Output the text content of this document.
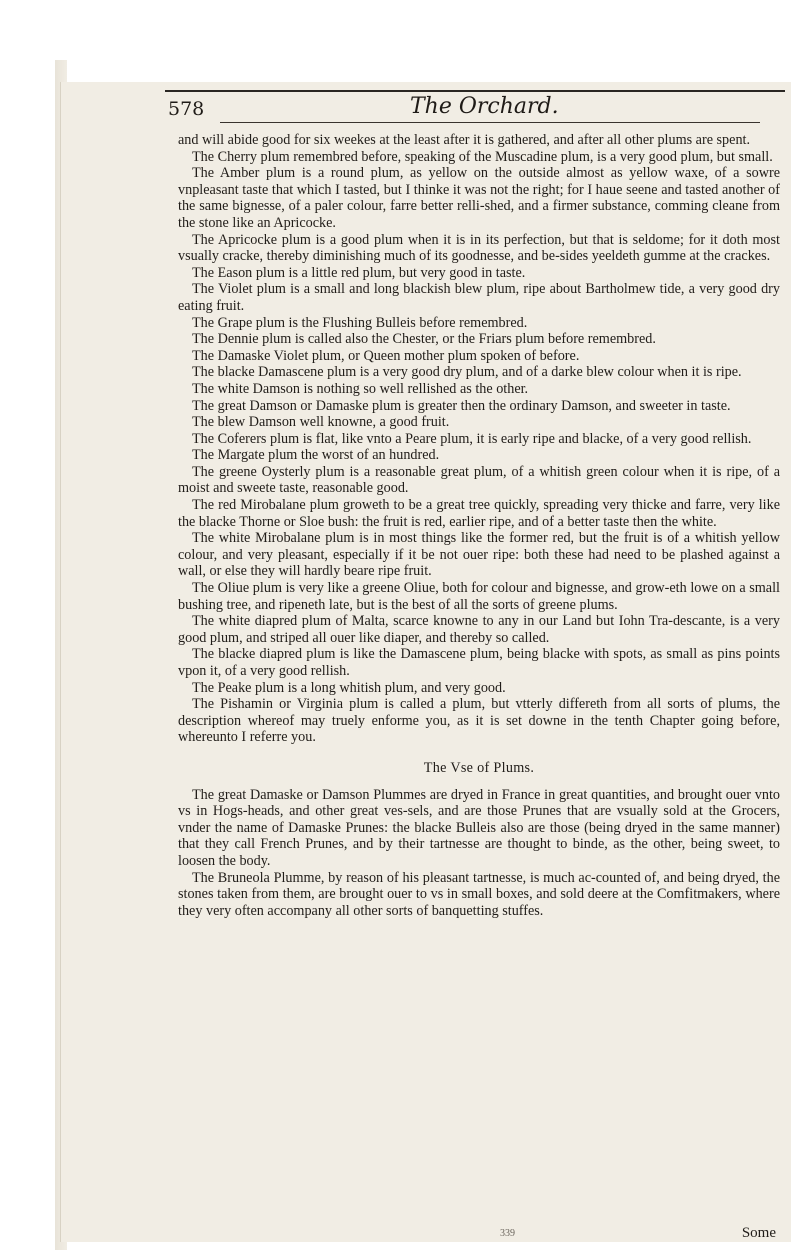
578	The Orchard.

and will abide good for six weekes at the least after it is gathered, and after all other plums are spent.

The Cherry plum remembred before, speaking of the Muscadine plum, is a very good plum, but small.

The Amber plum is a round plum, as yellow on the outside almost as yellow waxe, of a sowre vnpleasant taste that which I tasted, but I thinke it was not the right; for I haue seene and tasted another of the same bignesse, of a paler colour, farre better relli-shed, and a firmer substance, comming cleane from the stone like an Apricocke.

The Apricocke plum is a good plum when it is in its perfection, but that is seldome; for it doth most vsually cracke, thereby diminishing much of its goodnesse, and be-sides yeeldeth gumme at the crackes.

The Eason plum is a little red plum, but very good in taste.

The Violet plum is a small and long blackish blew plum, ripe about Bartholmew tide, a very good dry eating fruit.

The Grape plum is the Flushing Bulleis before remembred.

The Dennie plum is called also the Chester, or the Friars plum before remembred.

The Damaske Violet plum, or Queen mother plum spoken of before.

The blacke Damascene plum is a very good dry plum, and of a darke blew colour when it is ripe.

The white Damson is nothing so well rellished as the other.

The great Damson or Damaske plum is greater then the ordinary Damson, and sweeter in taste.

The blew Damson well knowne, a good fruit.

The Coferers plum is flat, like vnto a Peare plum, it is early ripe and blacke, of a very good rellish.

The Margate plum the worst of an hundred.

The greene Oysterly plum is a reasonable great plum, of a whitish green colour when it is ripe, of a moist and sweete taste, reasonable good.

The red Mirobalane plum groweth to be a great tree quickly, spreading very thicke and farre, very like the blacke Thorne or Sloe bush: the fruit is red, earlier ripe, and of a better taste then the white.

The white Mirobalane plum is in most things like the former red, but the fruit is of a whitish yellow colour, and very pleasant, especially if it be not ouer ripe: both these had need to be plashed against a wall, or else they will hardly beare ripe fruit.

The Oliue plum is very like a greene Oliue, both for colour and bignesse, and grow-eth lowe on a small bushing tree, and ripeneth late, but is the best of all the sorts of greene plums.

The white diapred plum of Malta, scarce knowne to any in our Land but Iohn Tra-descante, is a very good plum, and striped all ouer like diaper, and thereby so called.

The blacke diapred plum is like the Damascene plum, being blacke with spots, as small as pins points vpon it, of a very good rellish.

The Peake plum is a long whitish plum, and very good.

The Pishamin or Virginia plum is called a plum, but vtterly differeth from all sorts of plums, the description whereof may truely enforme you, as it is set downe in the tenth Chapter going before, whereunto I referre you.

The Vse of Plums.

The great Damaske or Damson Plummes are dryed in France in great quantities, and brought ouer vnto vs in Hogs-heads, and other great ves-sels, and are those Prunes that are vsually sold at the Grocers, vnder the name of Damaske Prunes: the blacke Bulleis also are those (being dryed in the same manner) that they call French Prunes, and by their tartnesse are thought to binde, as the other, being sweet, to loosen the body.

The Bruneola Plumme, by reason of his pleasant tartnesse, is much ac-counted of, and being dryed, the stones taken from them, are brought ouer to vs in small boxes, and sold deere at the Comfitmakers, where they very often accompany all other sorts of banquetting stuffes.

339	Some
